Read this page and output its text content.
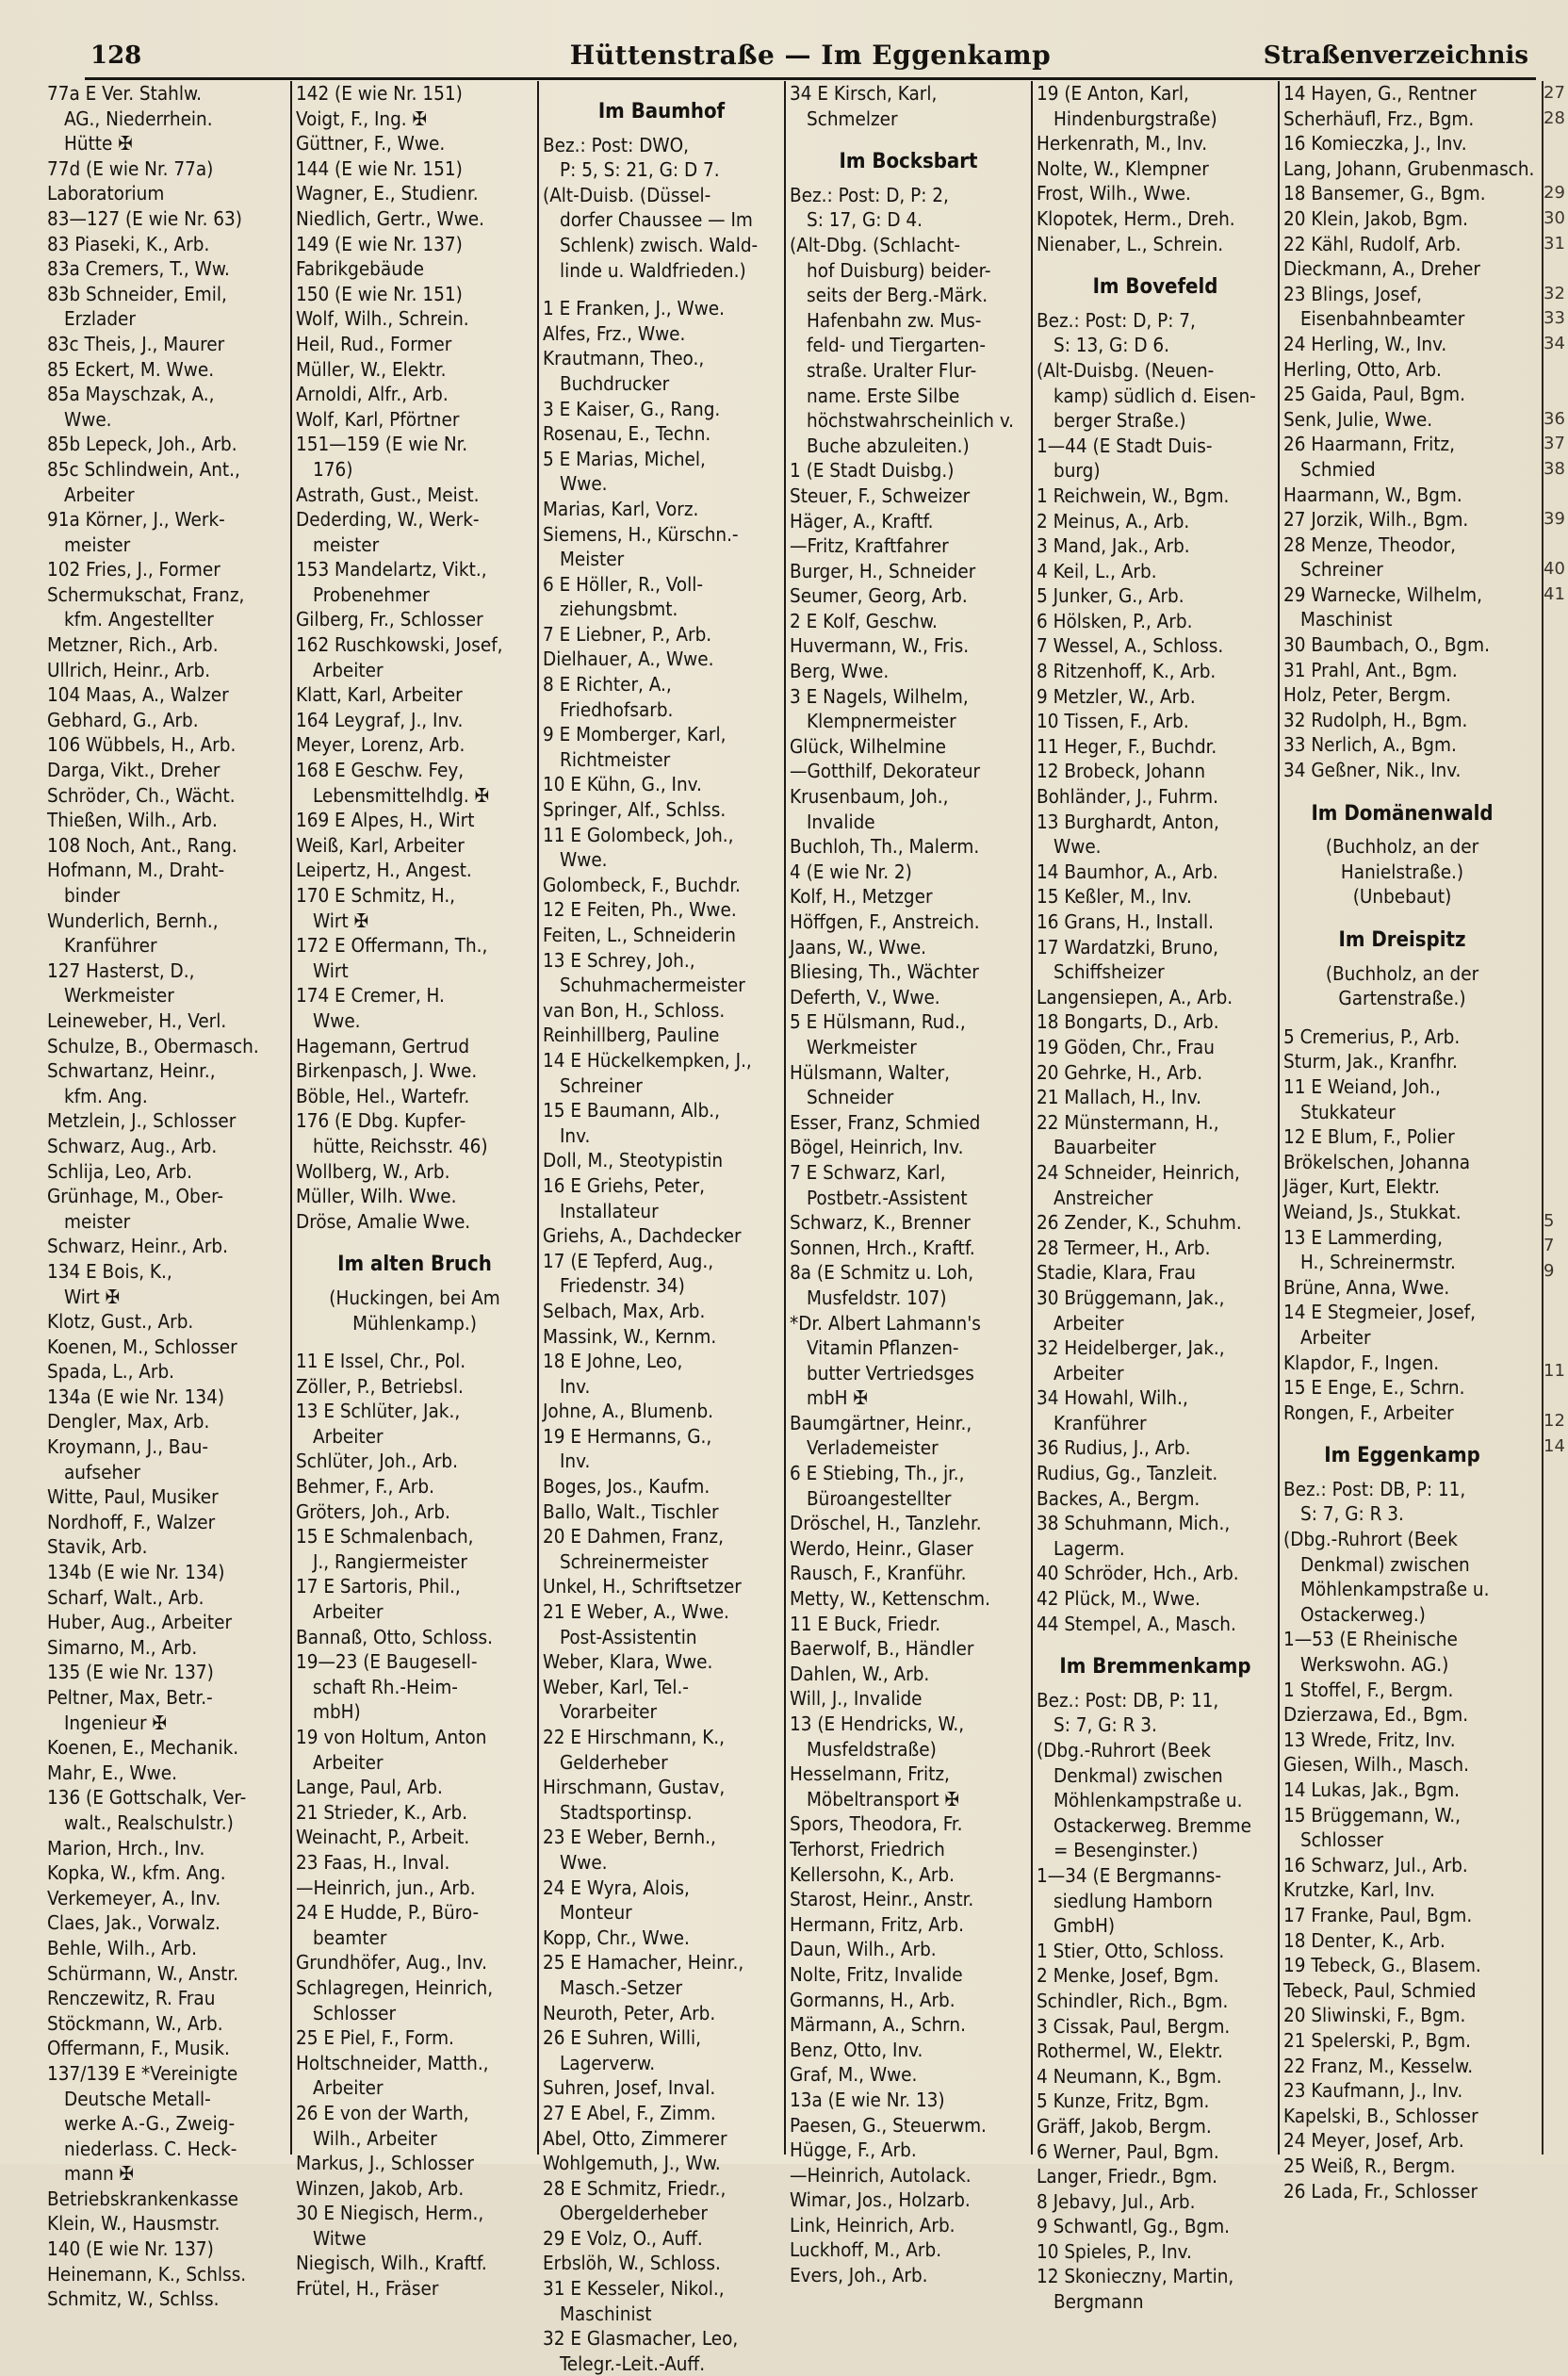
128	Hüttenstraße — Im Eggenkamp	Straßenverzeichnis
77a E Ver. Stahlw.
AG., Niederrhein.
Hütte ✠
77d (E wie Nr. 77a)
Laboratorium
83—127 (E wie Nr. 63)
83 Piaseki, K., Arb.
83a Cremers, T., Ww.
83b Schneider, Emil,
Erzlader
83c Theis, J., Maurer
85 Eckert, M. Wwe.
85a Mayschzak, A.,
Wwe.
85b Lepeck, Joh., Arb.
85c Schlindwein, Ant.,
Arbeiter
91a Körner, J., Werk-
meister
102 Fries, J., Former
Schermukschat, Franz,
kfm. Angestellter
Metzner, Rich., Arb.
Ullrich, Heinr., Arb.
104 Maas, A., Walzer
Gebhard, G., Arb.
106 Wübbels, H., Arb.
Darga, Vikt., Dreher
Schröder, Ch., Wächt.
Thießen, Wilh., Arb.
108 Noch, Ant., Rang.
Hofmann, M., Draht-
binder
Wunderlich, Bernh.,
Kranführer
127 Hasterst, D.,
Werkmeister
Leineweber, H., Verl.
Schulze, B., Obermasch.
Schwartanz, Heinr.,
kfm. Ang.
Metzlein, J., Schlosser
Schwarz, Aug., Arb.
Schlija, Leo, Arb.
Grünhage, M., Ober-
meister
Schwarz, Heinr., Arb.
134 E Bois, K.,
Wirt ✠
Klotz, Gust., Arb.
Koenen, M., Schlosser
Spada, L., Arb.
134a (E wie Nr. 134)
Dengler, Max, Arb.
Kroymann, J., Bau-
aufseher
Witte, Paul, Musiker
Nordhoff, F., Walzer
Stavik, Arb.
134b (E wie Nr. 134)
Scharf, Walt., Arb.
Huber, Aug., Arbeiter
Simarno, M., Arb.
135 (E wie Nr. 137)
Peltner, Max, Betr.-
Ingenieur ✠
Koenen, E., Mechanik.
Mahr, E., Wwe.
136 (E Gottschalk, Ver-
walt., Realschulstr.)
Marion, Hrch., Inv.
Kopka, W., kfm. Ang.
Verkemeyer, A., Inv.
Claes, Jak., Vorwalz.
Behle, Wilh., Arb.
Schürmann, W., Anstr.
Renczewitz, R. Frau
Stöckmann, W., Arb.
Offermann, F., Musik.
137/139 E *Vereinigte
Deutsche Metall-
werke A.-G., Zweig-
niederlass. C. Heck-
mann ✠
Betriebskrankenkasse
Klein, W., Hausmstr.
140 (E wie Nr. 137)
Heinemann, K., Schlss.
Schmitz, W., Schlss.
142 (E wie Nr. 151)
Voigt, F., Ing. ✠
Güttner, F., Wwe.
144 (E wie Nr. 151)
Wagner, E., Studienr.
Niedlich, Gertr., Wwe.
149 (E wie Nr. 137)
Fabrikgebäude
150 (E wie Nr. 151)
Wolf, Wilh., Schrein.
Heil, Rud., Former
Müller, W., Elektr.
Arnoldi, Alfr., Arb.
Wolf, Karl, Pförtner
151—159 (E wie Nr.
176)
Astrath, Gust., Meist.
Dederding, W., Werk-
meister
153 Mandelartz, Vikt.,
Probenehmer
Gilberg, Fr., Schlosser
162 Ruschkowski, Josef,
Arbeiter
Klatt, Karl, Arbeiter
164 Leygraf, J., Inv.
Meyer, Lorenz, Arb.
168 E Geschw. Fey,
Lebensmittelhdlg. ✠
169 E Alpes, H., Wirt
Weiß, Karl, Arbeiter
Leipertz, H., Angest.
170 E Schmitz, H.,
Wirt ✠
172 E Offermann, Th.,
Wirt
174 E Cremer, H.
Wwe.
Hagemann, Gertrud
Birkenpasch, J. Wwe.
Böble, Hel., Wartefr.
176 (E Dbg. Kupfer-
hütte, Reichsstr. 46)
Wollberg, W., Arb.
Müller, Wilh. Wwe.
Dröse, Amalie Wwe.
Im alten Bruch
(Huckingen, bei Am
Mühlenkamp.)
11 E Issel, Chr., Pol.
Zöller, P., Betriebsl.
13 E Schlüter, Jak.,
Arbeiter
Schlüter, Joh., Arb.
Behmer, F., Arb.
Gröters, Joh., Arb.
15 E Schmalenbach,
J., Rangiermeister
17 E Sartoris, Phil.,
Arbeiter
Bannaß, Otto, Schloss.
19—23 (E Baugesell-
schaft Rh.-Heim-
mbH)
19 von Holtum, Anton
Arbeiter
Lange, Paul, Arb.
21 Strieder, K., Arb.
Weinacht, P., Arbeit.
23 Faas, H., Inval.
—Heinrich, jun., Arb.
24 E Hudde, P., Büro-
beamter
Grundhöfer, Aug., Inv.
Schlagregen, Heinrich,
Schlosser
25 E Piel, F., Form.
Holtschneider, Matth.,
Arbeiter
26 E von der Warth,
Wilh., Arbeiter
Markus, J., Schlosser
Winzen, Jakob, Arb.
30 E Niegisch, Herm.,
Witwe
Niegisch, Wilh., Kraftf.
Frütel, H., Fräser
Im Baumhof
Bez.: Post: DWO,
P: 5, S: 21, G: D 7.
(Alt-Duisb. (Düssel-
dorfer Chaussee — Im
Schlenk) zwisch. Wald-
linde u. Waldfrieden.)
1 E Franken, J., Wwe.
Alfes, Frz., Wwe.
Krautmann, Theo.,
Buchdrucker
3 E Kaiser, G., Rang.
Rosenau, E., Techn.
5 E Marias, Michel,
Wwe.
Marias, Karl, Vorz.
Siemens, H., Kürschn.-
Meister
6 E Höller, R., Voll-
ziehungsbmt.
7 E Liebner, P., Arb.
Dielhauer, A., Wwe.
8 E Richter, A.,
Friedhofsarb.
9 E Momberger, Karl,
Richtmeister
10 E Kühn, G., Inv.
Springer, Alf., Schlss.
11 E Golombeck, Joh.,
Wwe.
Golombeck, F., Buchdr.
12 E Feiten, Ph., Wwe.
Feiten, L., Schneiderin
13 E Schrey, Joh.,
Schuhmachermeister
van Bon, H., Schloss.
Reinhillberg, Pauline
14 E Hückelkempken, J.,
Schreiner
15 E Baumann, Alb.,
Inv.
Doll, M., Steotypistin
16 E Griehs, Peter,
Installateur
Griehs, A., Dachdecker
17 (E Tepferd, Aug.,
Friedenstr. 34)
Selbach, Max, Arb.
Massink, W., Kernm.
18 E Johne, Leo,
Inv.
Johne, A., Blumenb.
19 E Hermanns, G.,
Inv.
Boges, Jos., Kaufm.
Ballo, Walt., Tischler
20 E Dahmen, Franz,
Schreinermeister
Unkel, H., Schriftsetzer
21 E Weber, A., Wwe.
Post-Assistentin
Weber, Klara, Wwe.
Weber, Karl, Tel.-
Vorarbeiter
22 E Hirschmann, K.,
Gelderheber
Hirschmann, Gustav,
Stadtsportinsp.
23 E Weber, Bernh.,
Wwe.
24 E Wyra, Alois,
Monteur
Kopp, Chr., Wwe.
25 E Hamacher, Heinr.,
Masch.-Setzer
Neuroth, Peter, Arb.
26 E Suhren, Willi,
Lagerverw.
Suhren, Josef, Inval.
27 E Abel, F., Zimm.
Abel, Otto, Zimmerer
Wohlgemuth, J., Ww.
28 E Schmitz, Friedr.,
Obergelderheber
29 E Volz, O., Auff.
Erbslöh, W., Schloss.
31 E Kesseler, Nikol.,
Maschinist
32 E Glasmacher, Leo,
Telegr.-Leit.-Auff.
34 E Kirsch, Karl,
Schmelzer
Im Bocksbart
Bez.: Post: D, P: 2,
S: 17, G: D 4.
(Alt-Dbg. (Schlacht-
hof Duisburg) beider-
seits der Berg.-Märk.
Hafenbahn zw. Mus-
feld- und Tiergarten-
straße. Uralter Flur-
name. Erste Silbe
höchstwahrscheinlich v.
Buche abzuleiten.)
1 (E Stadt Duisbg.)
Steuer, F., Schweizer
Häger, A., Kraftf.
—Fritz, Kraftfahrer
Burger, H., Schneider
Seumer, Georg, Arb.
2 E Kolf, Geschw.
Huvermann, W., Fris.
Berg, Wwe.
3 E Nagels, Wilhelm,
Klempnermeister
Glück, Wilhelmine
—Gotthilf, Dekorateur
Krusenbaum, Joh.,
Invalide
Buchloh, Th., Malerm.
4 (E wie Nr. 2)
Kolf, H., Metzger
Höffgen, F., Anstreich.
Jaans, W., Wwe.
Bliesing, Th., Wächter
Deferth, V., Wwe.
5 E Hülsmann, Rud.,
Werkmeister
Hülsmann, Walter,
Schneider
Esser, Franz, Schmied
Bögel, Heinrich, Inv.
7 E Schwarz, Karl,
Postbetr.-Assistent
Schwarz, K., Brenner
Sonnen, Hrch., Kraftf.
8a (E Schmitz u. Loh,
Musfeldstr. 107)
*Dr. Albert Lahmann's
Vitamin Pflanzen-
butter Vertriedsges
mbH ✠
Baumgärtner, Heinr.,
Verlademeister
6 E Stiebing, Th., jr.,
Büroangestellter
Dröschel, H., Tanzlehr.
Werdo, Heinr., Glaser
Rausch, F., Kranführ.
Metty, W., Kettenschm.
11 E Buck, Friedr.
Baerwolf, B., Händler
Dahlen, W., Arb.
Will, J., Invalide
13 (E Hendricks, W.,
Musfeldstraße)
Hesselmann, Fritz,
Möbeltransport ✠
Spors, Theodora, Fr.
Terhorst, Friedrich
Kellersohn, K., Arb.
Starost, Heinr., Anstr.
Hermann, Fritz, Arb.
Daun, Wilh., Arb.
Nolte, Fritz, Invalide
Gormanns, H., Arb.
Märmann, A., Schrn.
Benz, Otto, Inv.
Graf, M., Wwe.
13a (E wie Nr. 13)
Paesen, G., Steuerwm.
Hügge, F., Arb.
—Heinrich, Autolack.
Wimar, Jos., Holzarb.
Link, Heinrich, Arb.
Luckhoff, M., Arb.
Evers, Joh., Arb.
19 (E Anton, Karl,
Hindenburgstraße)
Herkenrath, M., Inv.
Nolte, W., Klempner
Frost, Wilh., Wwe.
Klopotek, Herm., Dreh.
Nienaber, L., Schrein.
Im Bovefeld
Bez.: Post: D, P: 7,
S: 13, G: D 6.
(Alt-Duisbg. (Neuen-
kamp) südlich d. Eisen-
berger Straße.)
1—44 (E Stadt Duis-
burg)
1 Reichwein, W., Bgm.
2 Meinus, A., Arb.
3 Mand, Jak., Arb.
4 Keil, L., Arb.
5 Junker, G., Arb.
6 Hölsken, P., Arb.
7 Wessel, A., Schloss.
8 Ritzenhoff, K., Arb.
9 Metzler, W., Arb.
10 Tissen, F., Arb.
11 Heger, F., Buchdr.
12 Brobeck, Johann
Bohländer, J., Fuhrm.
13 Burghardt, Anton,
Wwe.
14 Baumhor, A., Arb.
15 Keßler, M., Inv.
16 Grans, H., Install.
17 Wardatzki, Bruno,
Schiffsheizer
Langensiepen, A., Arb.
18 Bongarts, D., Arb.
19 Göden, Chr., Frau
20 Gehrke, H., Arb.
21 Mallach, H., Inv.
22 Münstermann, H.,
Bauarbeiter
24 Schneider, Heinrich,
Anstreicher
26 Zender, K., Schuhm.
28 Termeer, H., Arb.
Stadie, Klara, Frau
30 Brüggemann, Jak.,
Arbeiter
32 Heidelberger, Jak.,
Arbeiter
34 Howahl, Wilh.,
Kranführer
36 Rudius, J., Arb.
Rudius, Gg., Tanzleit.
Backes, A., Bergm.
38 Schuhmann, Mich.,
Lagerm.
40 Schröder, Hch., Arb.
42 Plück, M., Wwe.
44 Stempel, A., Masch.
Im Bremmenkamp
Bez.: Post: DB, P: 11,
S: 7, G: R 3.
(Dbg.-Ruhrort (Beek
Denkmal) zwischen
Möhlenkampstraße u.
Ostackerweg. Bremme
= Besenginster.)
1—34 (E Bergmanns-
siedlung Hamborn
GmbH)
1 Stier, Otto, Schloss.
2 Menke, Josef, Bgm.
Schindler, Rich., Bgm.
3 Cissak, Paul, Bergm.
Rothermel, W., Elektr.
4 Neumann, K., Bgm.
5 Kunze, Fritz, Bgm.
Gräff, Jakob, Bergm.
6 Werner, Paul, Bgm.
Langer, Friedr., Bgm.
8 Jebavy, Jul., Arb.
9 Schwantl, Gg., Bgm.
10 Spieles, P., Inv.
12 Skonieczny, Martin,
Bergmann
14 Hayen, G., Rentner
Scherhäufl, Frz., Bgm.
16 Komieczka, J., Inv.
Lang, Johann, Grubenmasch.
18 Bansemer, G., Bgm.
20 Klein, Jakob, Bgm.
22 Kähl, Rudolf, Arb.
Dieckmann, A., Dreher
23 Blings, Josef,
Eisenbahnbeamter
24 Herling, W., Inv.
Herling, Otto, Arb.
25 Gaida, Paul, Bgm.
Senk, Julie, Wwe.
26 Haarmann, Fritz,
Schmied
Haarmann, W., Bgm.
27 Jorzik, Wilh., Bgm.
28 Menze, Theodor,
Schreiner
29 Warnecke, Wilhelm,
Maschinist
30 Baumbach, O., Bgm.
31 Prahl, Ant., Bgm.
Holz, Peter, Bergm.
32 Rudolph, H., Bgm.
33 Nerlich, A., Bgm.
34 Geßner, Nik., Inv.
Im Domänenwald
(Buchholz, an der
Hanielstraße.)
(Unbebaut)
Im Dreispitz
(Buchholz, an der
Gartenstraße.)
5 Cremerius, P., Arb.
Sturm, Jak., Kranfhr.
11 E Weiand, Joh.,
Stukkateur
12 E Blum, F., Polier
Brökelschen, Johanna
Jäger, Kurt, Elektr.
Weiand, Js., Stukkat.
13 E Lammerding,
H., Schreinermstr.
Brüne, Anna, Wwe.
14 E Stegmeier, Josef,
Arbeiter
Klapdor, F., Ingen.
15 E Enge, E., Schrn.
Rongen, F., Arbeiter
Im Eggenkamp
Bez.: Post: DB, P: 11,
S: 7, G: R 3.
(Dbg.-Ruhrort (Beek
Denkmal) zwischen
Möhlenkampstraße u.
Ostackerweg.)
1—53 (E Rheinische
Werkswohn. AG.)
1 Stoffel, F., Bergm.
Dzierzawa, Ed., Bgm.
13 Wrede, Fritz, Inv.
Giesen, Wilh., Masch.
14 Lukas, Jak., Bgm.
15 Brüggemann, W.,
Schlosser
16 Schwarz, Jul., Arb.
Krutzke, Karl, Inv.
17 Franke, Paul, Bgm.
18 Denter, K., Arb.
19 Tebeck, G., Blasem.
Tebeck, Paul, Schmied
20 Sliwinski, F., Bgm.
21 Spelerski, P., Bgm.
22 Franz, M., Kesselw.
23 Kaufmann, J., Inv.
Kapelski, B., Schlosser
24 Meyer, Josef, Arb.
25 Weiß, R., Bergm.
26 Lada, Fr., Schlosser
27
28

29
30
31

32
33
34

36
37
38

39

40
41

5
7
9

11

12
14
